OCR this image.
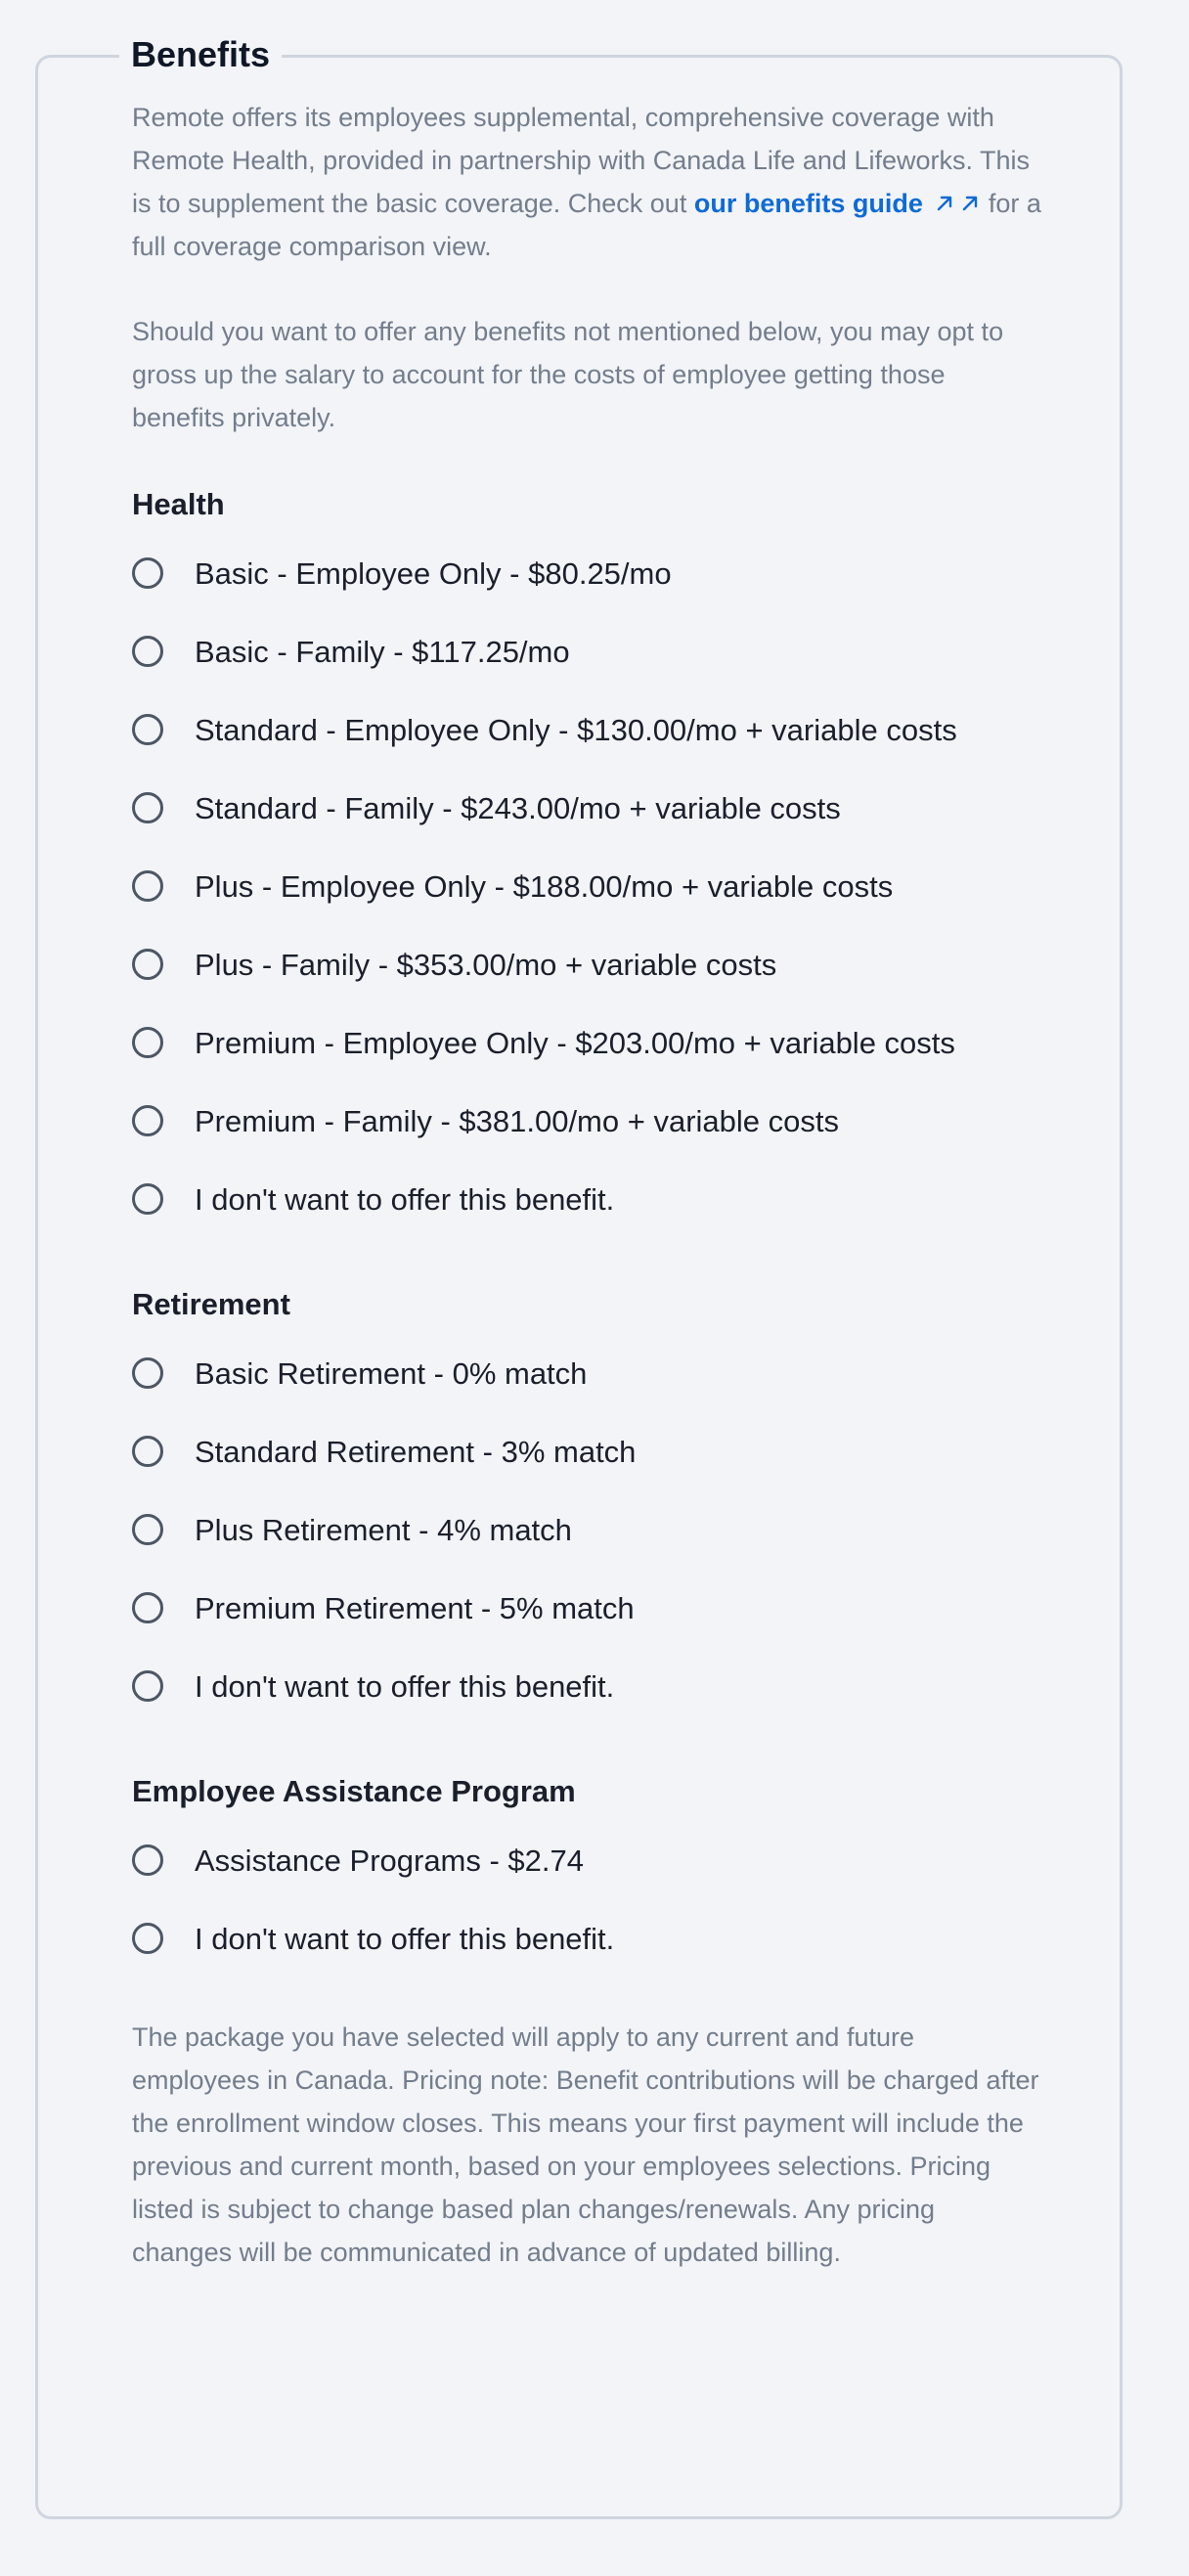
Benefits

Remote offers its employees supplemental, comprehensive coverage with Remote Health, provided in partnership with Canada Life and Lifeworks. This is to supplement the basic coverage. Check out our benefits guide  for a full coverage comparison view.

Should you want to offer any benefits not mentioned below, you may opt to gross up the salary to account for the costs of employee getting those benefits privately.

Health
Basic - Employee Only - $80.25/mo
Basic - Family - $117.25/mo
Standard - Employee Only - $130.00/mo + variable costs
Standard - Family - $243.00/mo + variable costs
Plus - Employee Only - $188.00/mo + variable costs
Plus - Family - $353.00/mo + variable costs
Premium - Employee Only - $203.00/mo + variable costs
Premium - Family - $381.00/mo + variable costs
I don't want to offer this benefit.
Retirement
Basic Retirement - 0% match
Standard Retirement - 3% match
Plus Retirement - 4% match
Premium Retirement - 5% match
I don't want to offer this benefit.
Employee Assistance Program
Assistance Programs - $2.74
I don't want to offer this benefit.

The package you have selected will apply to any current and future employees in Canada. Pricing note: Benefit contributions will be charged after the enrollment window closes. This means your first payment will include the previous and current month, based on your employees selections. Pricing listed is subject to change based plan changes/renewals. Any pricing changes will be communicated in advance of updated billing.
